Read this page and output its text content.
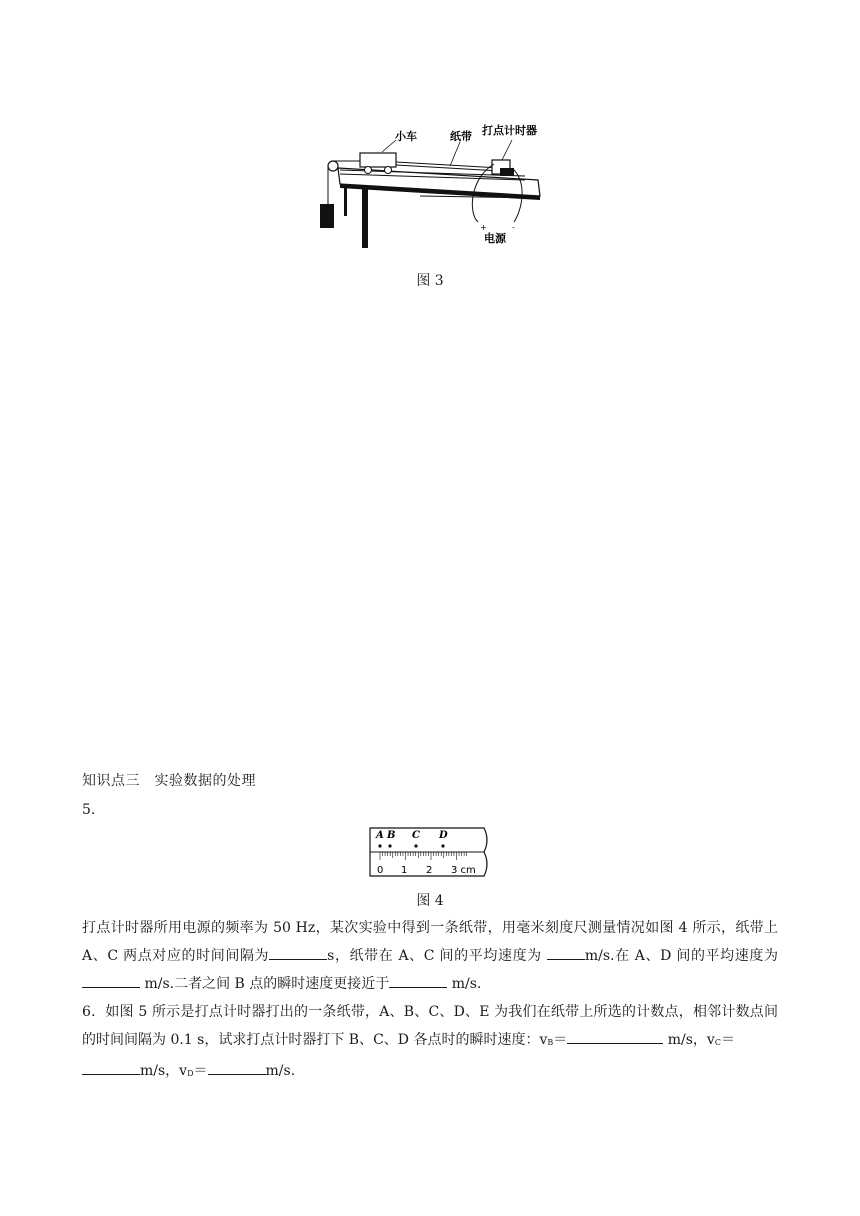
小车	纸带 打点计时器
+	-
电源
图 3
知识点三　实验数据的处理
5.
A B C D
0 1 2 3 cm
图 4

打点计时器所用电源的频率为 50 Hz，某次实验中得到一条纸带，用毫米刻度尺测量情况如图 4 所示，纸带上 A、C 两点对应的时间间隔为	s，纸带在 A、C 间的平均速度为	m/s.在 A、D 间的平均速度为 m/s.二者之间 B 点的瞬时速度更接近于	m/s.

6．如图 5 所示是打点计时器打出的一条纸带，A、B、C、D、E 为我们在纸带上所选的计数点，相邻计数点间的时间间隔为 0.1 s，试求打点计时器打下 B、C、D 各点时的瞬时速度：vB＝	m/s，vC＝
m/s，vD＝	m/s.
